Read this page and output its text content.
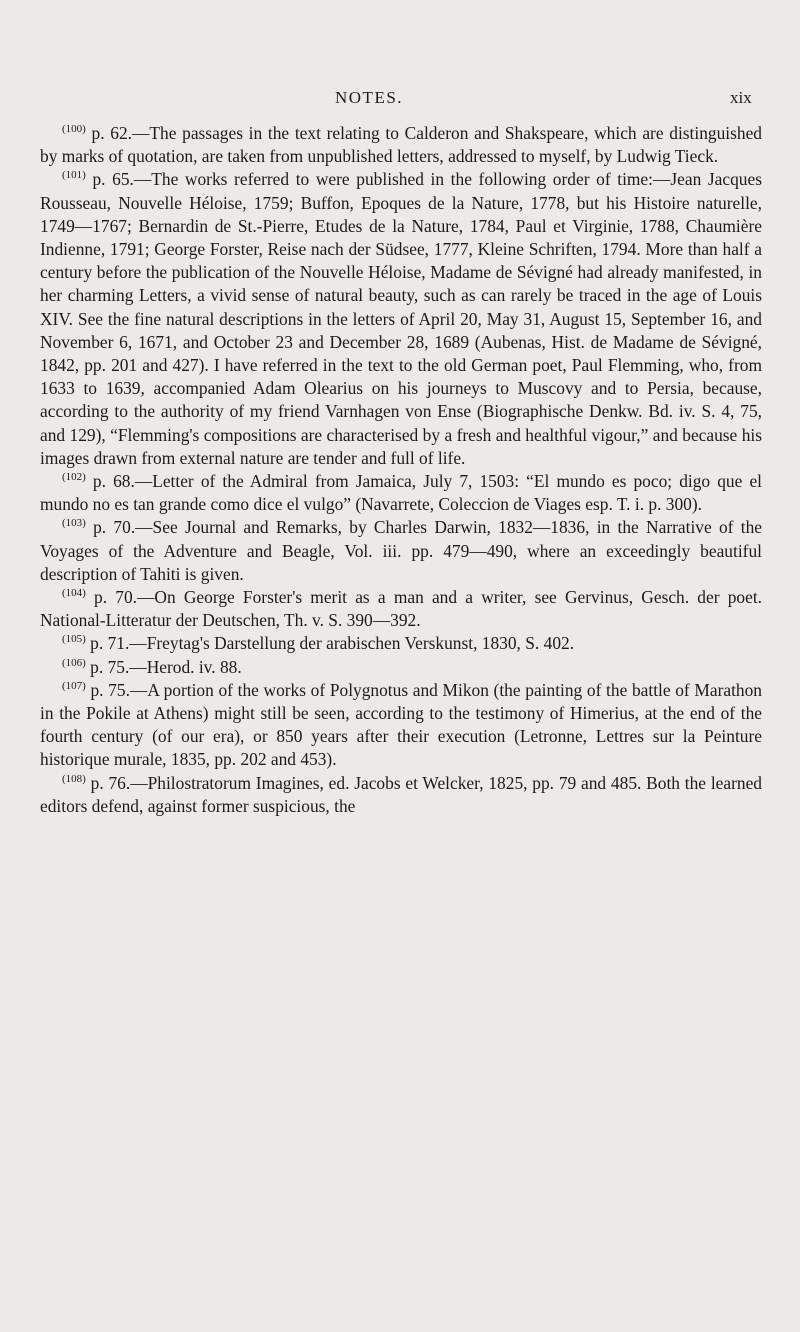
NOTES.	xix

$^{(100)}$ p. 62.—The passages in the text relating to Calderon and Shakspeare, which are distinguished by marks of quotation, are taken from unpublished letters, addressed to myself, by Ludwig Tieck.

$^{(101)}$ p. 65.—The works referred to were published in the following order of time:—Jean Jacques Rousseau, Nouvelle Héloise, 1759; Buffon, Epoques de la Nature, 1778, but his Histoire naturelle, 1749—1767; Bernardin de St.-Pierre, Etudes de la Nature, 1784, Paul et Virginie, 1788, Chaumière Indienne, 1791; George Forster, Reise nach der Südsee, 1777, Kleine Schriften, 1794. More than half a century before the publication of the Nouvelle Héloise, Madame de Sévigné had already manifested, in her charming Letters, a vivid sense of natural beauty, such as can rarely be traced in the age of Louis XIV. See the fine natural descriptions in the letters of April 20, May 31, August 15, September 16, and November 6, 1671, and October 23 and December 28, 1689 (Aubenas, Hist. de Madame de Sévigné, 1842, pp. 201 and 427). I have referred in the text to the old German poet, Paul Flemming, who, from 1633 to 1639, accompanied Adam Olearius on his journeys to Muscovy and to Persia, because, according to the authority of my friend Varnhagen von Ense (Biographische Denkw. Bd. iv. S. 4, 75, and 129), “Flemming's compositions are characterised by a fresh and healthful vigour,” and because his images drawn from external nature are tender and full of life.

$^{(102)}$ p. 68.—Letter of the Admiral from Jamaica, July 7, 1503: “El mundo es poco; digo que el mundo no es tan grande como dice el vulgo” (Navarrete, Coleccion de Viages esp. T. i. p. 300).

$^{(103)}$ p. 70.—See Journal and Remarks, by Charles Darwin, 1832—1836, in the Narrative of the Voyages of the Adventure and Beagle, Vol. iii. pp. 479—490, where an exceedingly beautiful description of Tahiti is given.

$^{(104)}$ p. 70.—On George Forster's merit as a man and a writer, see Gervinus, Gesch. der poet. National-Litteratur der Deutschen, Th. v. S. 390—392.

$^{(105)}$ p. 71.—Freytag's Darstellung der arabischen Verskunst, 1830, S. 402.

$^{(106)}$ p. 75.—Herod. iv. 88.

$^{(107)}$ p. 75.—A portion of the works of Polygnotus and Mikon (the painting of the battle of Marathon in the Pokile at Athens) might still be seen, according to the testimony of Himerius, at the end of the fourth century (of our era), or 850 years after their execution (Letronne, Lettres sur la Peinture historique murale, 1835, pp. 202 and 453).

$^{(108)}$ p. 76.—Philostratorum Imagines, ed. Jacobs et Welcker, 1825, pp. 79 and 485. Both the learned editors defend, against former suspicious, the
